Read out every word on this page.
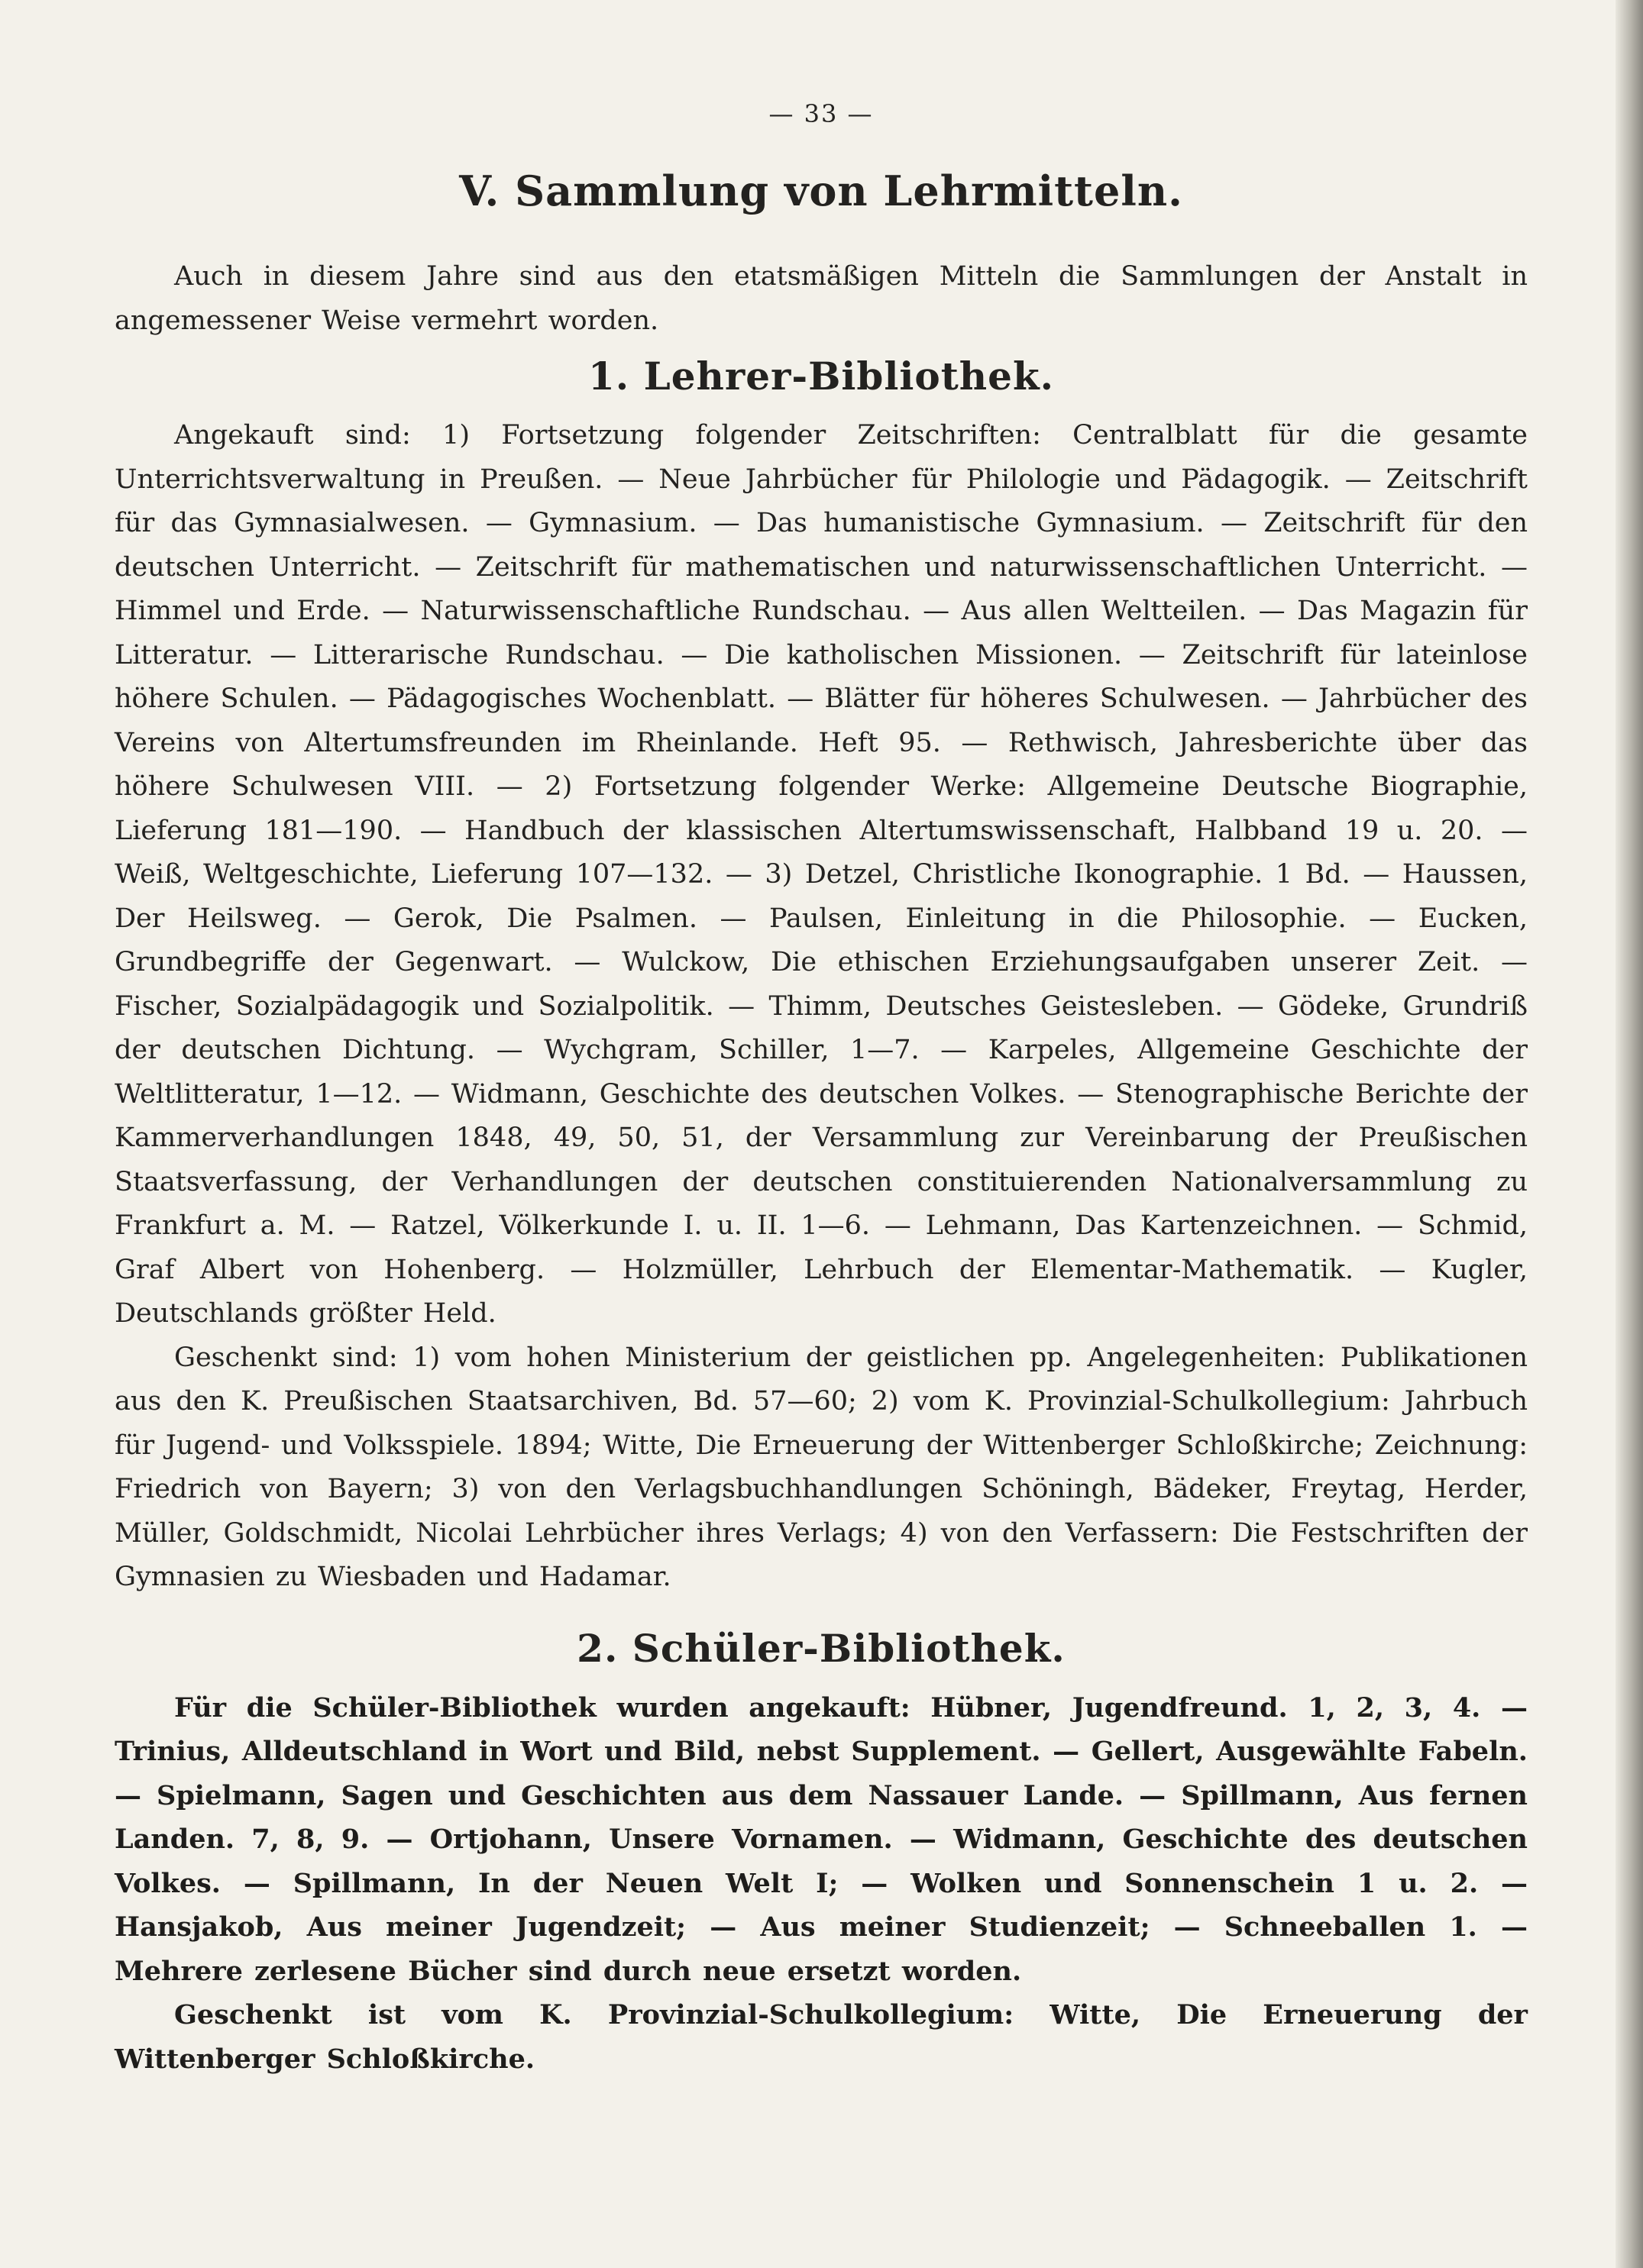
— 33 —
V. Sammlung von Lehrmitteln.

Auch in diesem Jahre sind aus den etatsmäßigen Mitteln die Sammlungen der Anstalt in angemessener Weise vermehrt worden.

1. Lehrer-Bibliothek.

Angekauft sind: 1) Fortsetzung folgender Zeitschriften: Centralblatt für die gesamte Unterrichtsverwaltung in Preußen. — Neue Jahrbücher für Philologie und Pädagogik. — Zeitschrift für das Gymnasialwesen. — Gymnasium. — Das humanistische Gymnasium. — Zeitschrift für den deutschen Unterricht. — Zeitschrift für mathematischen und naturwissenschaftlichen Unterricht. — Himmel und Erde. — Naturwissenschaftliche Rundschau. — Aus allen Weltteilen. — Das Magazin für Litteratur. — Litterarische Rundschau. — Die katholischen Missionen. — Zeitschrift für lateinlose höhere Schulen. — Pädagogisches Wochenblatt. — Blätter für höheres Schulwesen. — Jahrbücher des Vereins von Altertumsfreunden im Rheinlande. Heft 95. — Rethwisch, Jahresberichte über das höhere Schulwesen VIII. — 2) Fortsetzung folgender Werke: Allgemeine Deutsche Biographie, Lieferung 181—190. — Handbuch der klassischen Altertumswissenschaft, Halbband 19 u. 20. — Weiß, Weltgeschichte, Lieferung 107—132. — 3) Detzel, Christliche Ikonographie. 1 Bd. — Haussen, Der Heilsweg. — Gerok, Die Psalmen. — Paulsen, Einleitung in die Philosophie. — Eucken, Grundbegriffe der Gegenwart. — Wulckow, Die ethischen Erziehungsaufgaben unserer Zeit. — Fischer, Sozialpädagogik und Sozialpolitik. — Thimm, Deutsches Geistesleben. — Gödeke, Grundriß der deutschen Dichtung. — Wychgram, Schiller, 1—7. — Karpeles, Allgemeine Geschichte der Weltlitteratur, 1—12. — Widmann, Geschichte des deutschen Volkes. — Stenographische Berichte der Kammerverhandlungen 1848, 49, 50, 51, der Versammlung zur Vereinbarung der Preußischen Staatsverfassung, der Verhandlungen der deutschen constituierenden Nationalversammlung zu Frankfurt a. M. — Ratzel, Völkerkunde I. u. II. 1—6. — Lehmann, Das Kartenzeichnen. — Schmid, Graf Albert von Hohenberg. — Holzmüller, Lehrbuch der Elementar-Mathematik. — Kugler, Deutschlands größter Held.

Geschenkt sind: 1) vom hohen Ministerium der geistlichen pp. Angelegenheiten: Publikationen aus den K. Preußischen Staatsarchiven, Bd. 57—60; 2) vom K. Provinzial-Schulkollegium: Jahrbuch für Jugend- und Volksspiele. 1894; Witte, Die Erneuerung der Wittenberger Schloßkirche; Zeichnung: Friedrich von Bayern; 3) von den Verlagsbuchhandlungen Schöningh, Bädeker, Freytag, Herder, Müller, Goldschmidt, Nicolai Lehrbücher ihres Verlags; 4) von den Verfassern: Die Festschriften der Gymnasien zu Wiesbaden und Hadamar.

2. Schüler-Bibliothek.

Für die Schüler-Bibliothek wurden angekauft: Hübner, Jugendfreund. 1, 2, 3, 4. — Trinius, Alldeutschland in Wort und Bild, nebst Supplement. — Gellert, Ausgewählte Fabeln. — Spielmann, Sagen und Geschichten aus dem Nassauer Lande. — Spillmann, Aus fernen Landen. 7, 8, 9. — Ortjohann, Unsere Vornamen. — Widmann, Geschichte des deutschen Volkes. — Spillmann, In der Neuen Welt I; — Wolken und Sonnenschein 1 u. 2. — Hansjakob, Aus meiner Jugendzeit; — Aus meiner Studienzeit; — Schneeballen 1. — Mehrere zerlesene Bücher sind durch neue ersetzt worden.

Geschenkt ist vom K. Provinzial-Schulkollegium: Witte, Die Erneuerung der Wittenberger Schloßkirche.
